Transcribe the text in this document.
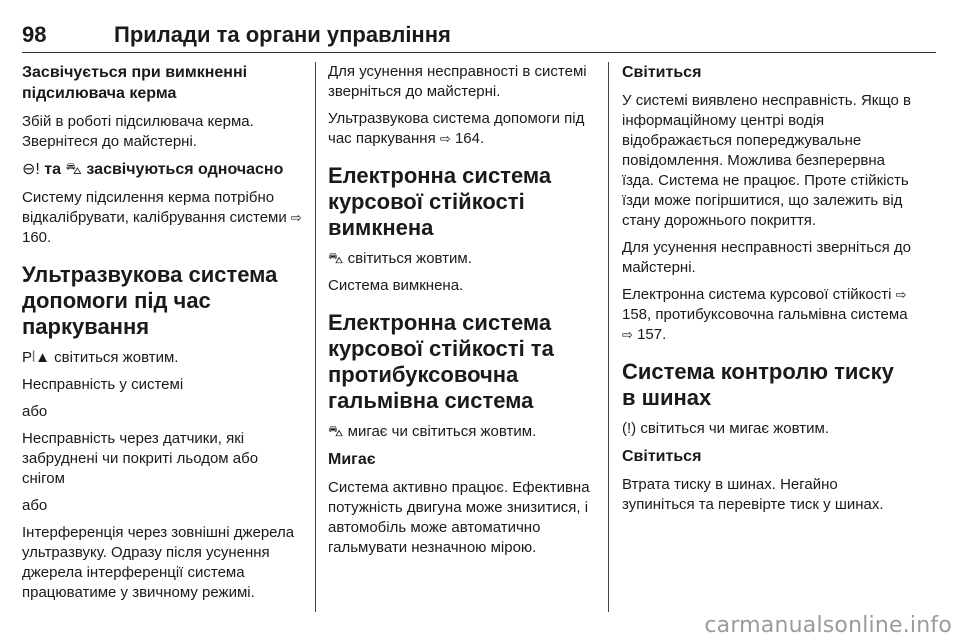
98	Прилади та органи управління
Засвічується при вимкненні підсилювача керма

Збій в роботі підсилювача керма. Звернітеся до майстерні.

⊖! та ⛍ засвічуються одночасно

Систему підсилення керма потрібно відкалібрувати, калібрування системи ⇨ 160.

Ультразвукова система допомоги під час паркування

P⦚▲ світиться жовтим.

Несправність у системі

або

Несправність через датчики, які забруднені чи покриті льодом або снігом

або

Інтерференція через зовнішні джерела ультразвуку. Одразу після усунення джерела інтерференції система працюватиме у звичному режимі.

Для усунення несправності в системі зверніться до майстерні.

Ультразвукова система допомоги під час паркування ⇨ 164.

Електронна система курсової стійкості вимкнена

⛍ світиться жовтим.

Система вимкнена.

Електронна система курсової стійкості та протибуксовочна гальмівна система

⛍ мигає чи світиться жовтим.

Мигає

Система активно працює. Ефективна потужність двигуна може знизитися, і автомобіль може автоматично гальмувати незначною мірою.

Світиться

У системі виявлено несправність. Якщо в інформаційному центрі водія відображається попереджувальне повідомлення. Можлива безперервна їзда. Система не працює. Проте стійкість їзди може погіршитися, що залежить від стану дорожнього покриття.

Для усунення несправності зверніться до майстерні.

Електронна система курсової стійкості ⇨ 158, протибуксовочна гальмівна система ⇨ 157.

Система контролю тиску в шинах

(!) світиться чи мигає жовтим.

Світиться

Втрата тиску в шинах. Негайно зупиніться та перевірте тиск у шинах.

carmanualsonline.info
